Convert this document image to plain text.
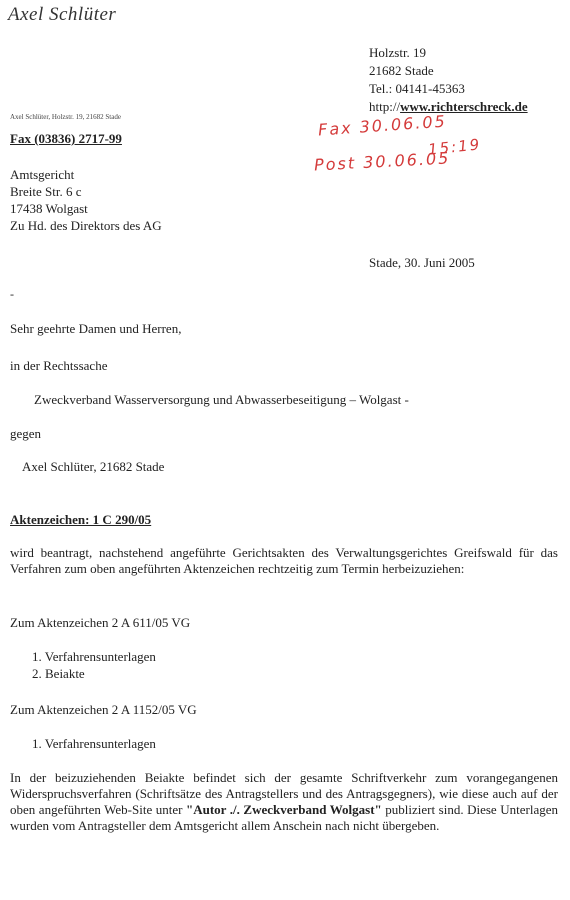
Axel Schlüter
Holzstr. 19
21682 Stade
Tel.: 04141-45363
http://www.richterschreck.de
Axel Schlüter, Holzstr. 19, 21682 Stade
Fax (03836) 2717-99	Fax 30.06.05
15:19
Post 30.06.05
Amtsgericht
Breite Str. 6 c
17438 Wolgast
Zu Hd. des Direktors des AG
Stade, 30. Juni 2005
-
Sehr geehrte Damen und Herren,
in der Rechtssache
Zweckverband Wasserversorgung und Abwasserbeseitigung – Wolgast -
gegen
Axel Schlüter, 21682 Stade
Aktenzeichen: 1 C 290/05
wird beantragt, nachstehend angeführte Gerichtsakten des Verwaltungsgerichtes Greifswald für das Verfahren zum oben angeführten Aktenzeichen rechtzeitig zum Termin herbeizuziehen:
Zum Aktenzeichen 2 A 611/05 VG
1. Verfahrensunterlagen
2. Beiakte
Zum Aktenzeichen 2 A 1152/05 VG
1. Verfahrensunterlagen
In der beizuziehenden Beiakte befindet sich der gesamte Schriftverkehr zum vorangegangenen Widerspruchsverfahren (Schriftsätze des Antragstellers und des Antragsgegners), wie diese auch auf der oben angeführten Web-Site unter "Autor ./. Zweckverband Wolgast" publiziert sind. Diese Unterlagen wurden vom Antragsteller dem Amtsgericht allem Anschein nach nicht übergeben.
